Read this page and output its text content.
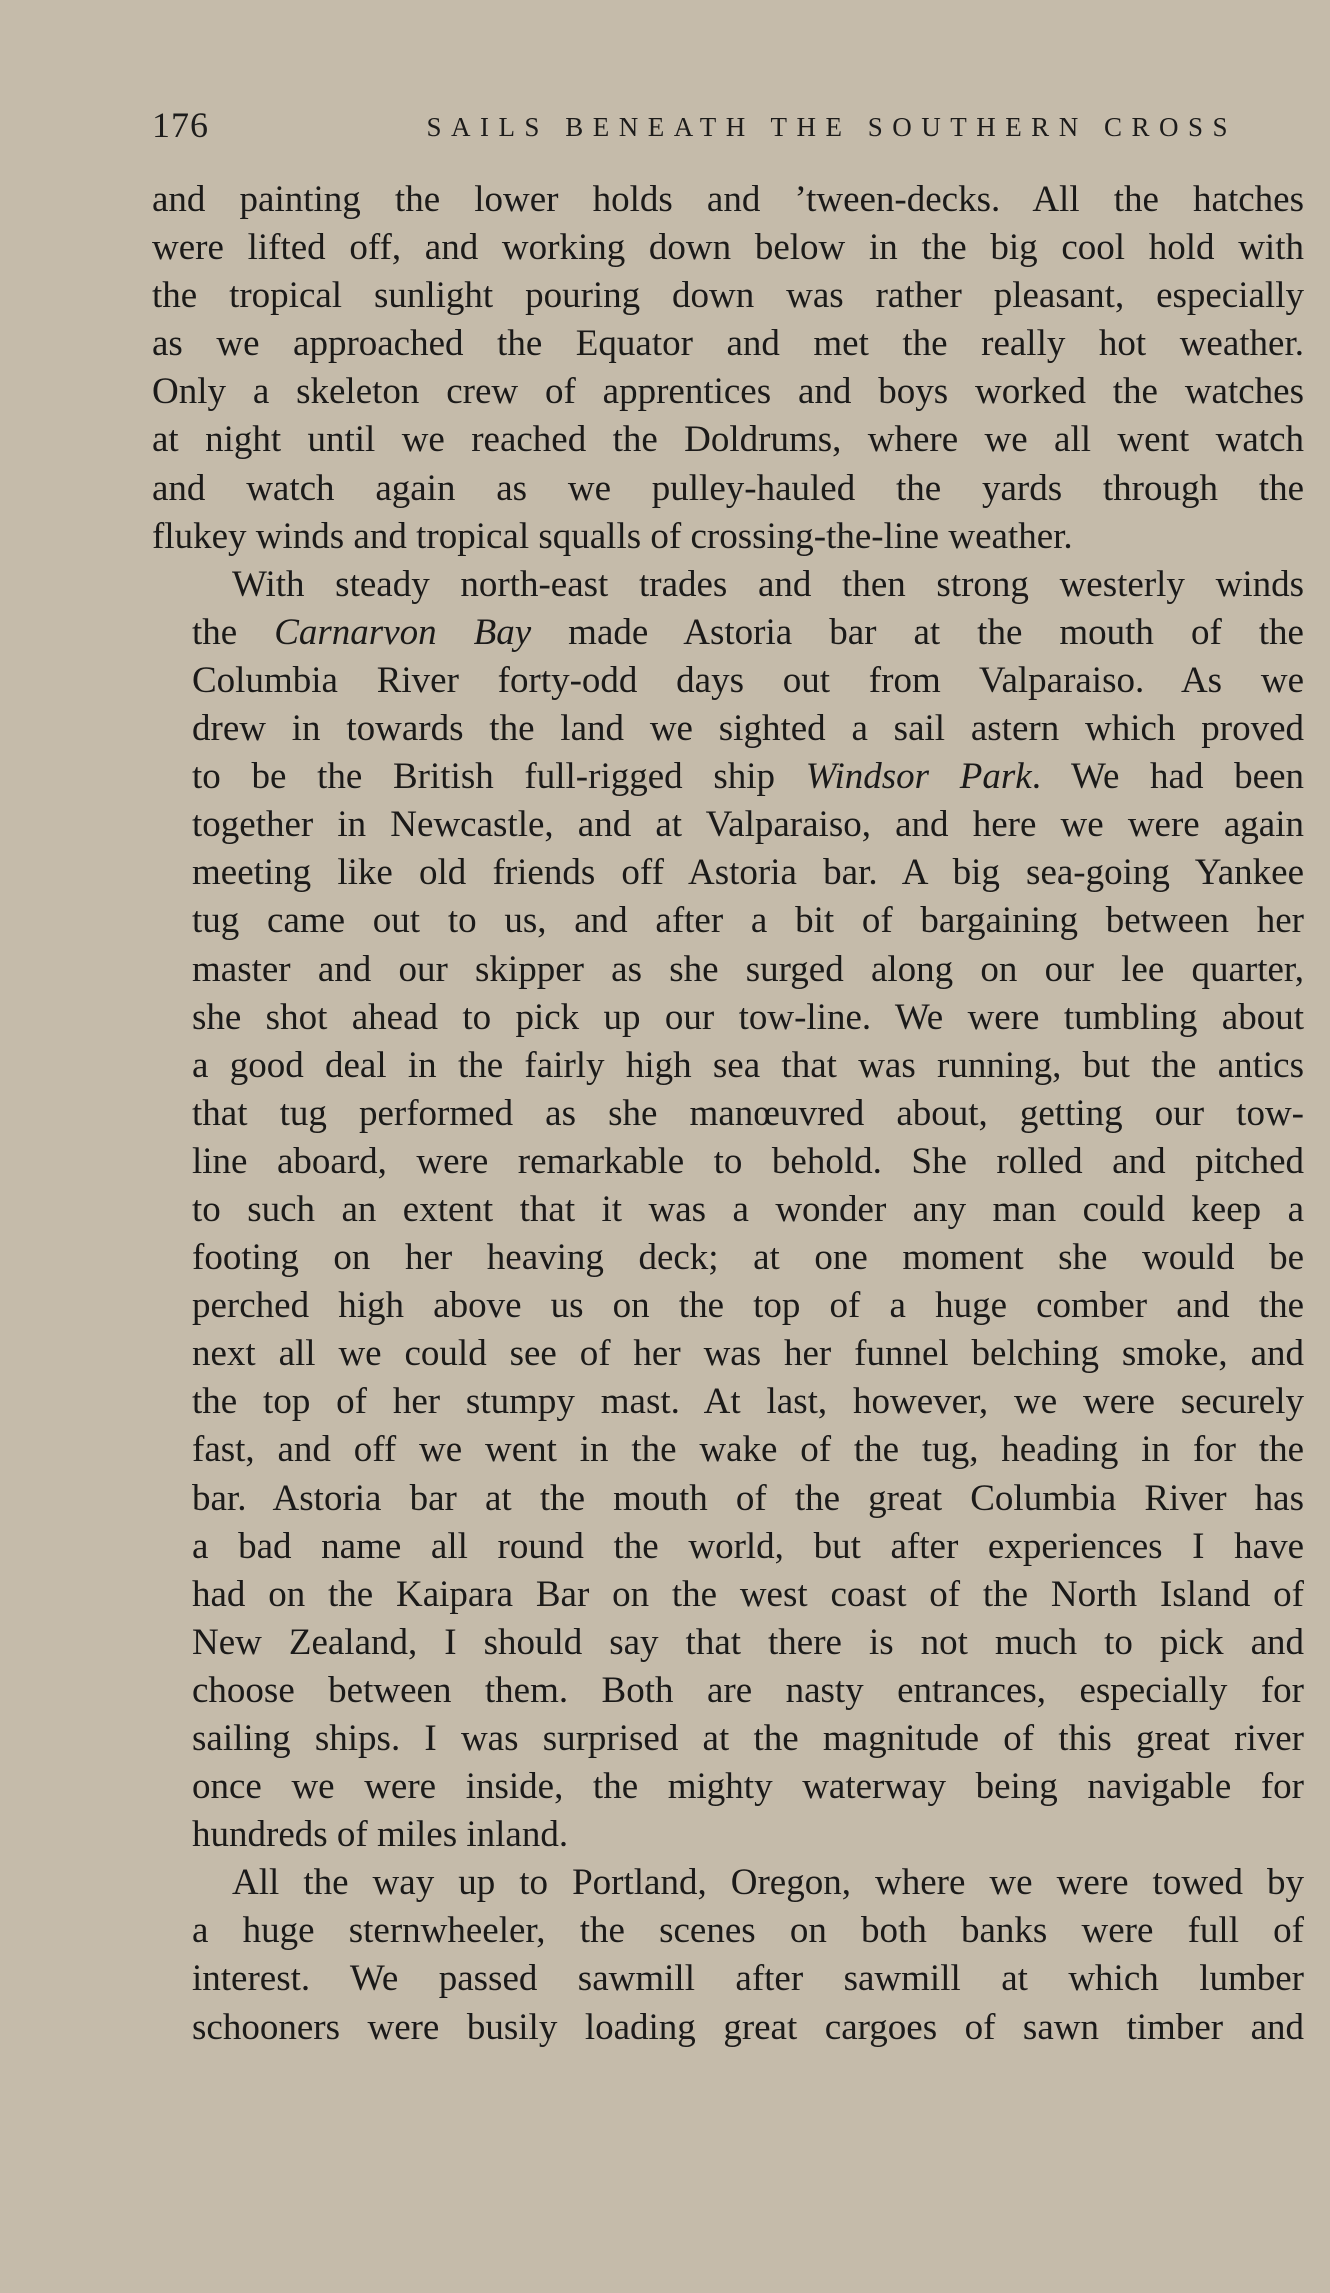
176	SAILS BENEATH THE SOUTHERN CROSS
and painting the lower holds and ’tween-decks. All the hatches
were lifted off, and working down below in the big cool hold with
the tropical sunlight pouring down was rather pleasant, especially
as we approached the Equator and met the really hot weather.
Only a skeleton crew of apprentices and boys worked the watches
at night until we reached the Doldrums, where we all went watch
and watch again as we pulley-hauled the yards through the
flukey winds and tropical squalls of crossing-the-line weather.
With steady north-east trades and then strong westerly winds
the Carnarvon Bay made Astoria bar at the mouth of the
Columbia River forty-odd days out from Valparaiso. As we
drew in towards the land we sighted a sail astern which proved
to be the British full-rigged ship Windsor Park. We had been
together in Newcastle, and at Valparaiso, and here we were again
meeting like old friends off Astoria bar. A big sea-going Yankee
tug came out to us, and after a bit of bargaining between her
master and our skipper as she surged along on our lee quarter,
she shot ahead to pick up our tow-line. We were tumbling about
a good deal in the fairly high sea that was running, but the antics
that tug performed as she manœuvred about, getting our tow-
line aboard, were remarkable to behold. She rolled and pitched
to such an extent that it was a wonder any man could keep a
footing on her heaving deck; at one moment she would be
perched high above us on the top of a huge comber and the
next all we could see of her was her funnel belching smoke, and
the top of her stumpy mast. At last, however, we were securely
fast, and off we went in the wake of the tug, heading in for the
bar. Astoria bar at the mouth of the great Columbia River has
a bad name all round the world, but after experiences I have
had on the Kaipara Bar on the west coast of the North Island of
New Zealand, I should say that there is not much to pick and
choose between them. Both are nasty entrances, especially for
sailing ships. I was surprised at the magnitude of this great river
once we were inside, the mighty waterway being navigable for
hundreds of miles inland.
All the way up to Portland, Oregon, where we were towed by
a huge sternwheeler, the scenes on both banks were full of
interest. We passed sawmill after sawmill at which lumber
schooners were busily loading great cargoes of sawn timber and
